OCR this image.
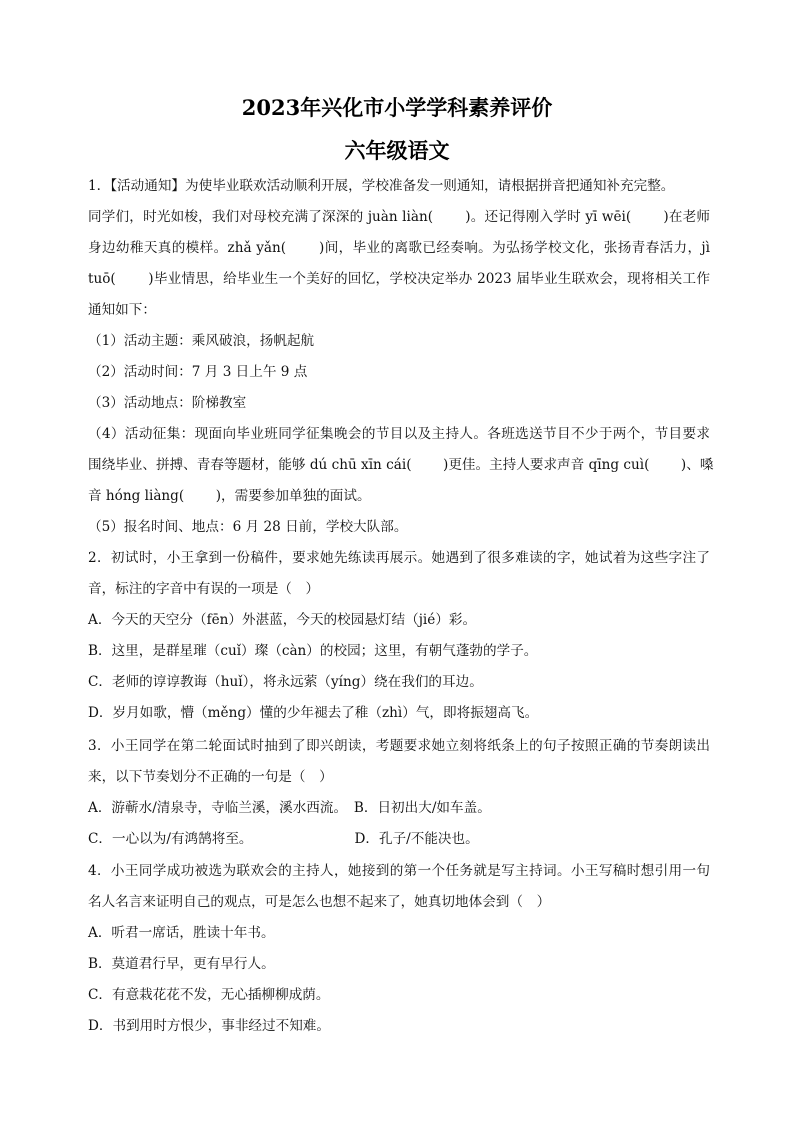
2023年兴化市小学学科素养评价
六年级语文
1．【活动通知】为使毕业联欢活动顺利开展，学校准备发一则通知，请根据拼音把通知补充完整。
同学们，时光如梭，我们对母校充满了深深的 juàn liàn(　　 )。还记得刚入学时 yī wēi(　　 )在老师
身边幼稚天真的模样。zhǎ yǎn(　　 )间，毕业的离歌已经奏响。为弘扬学校文化，张扬青春活力，jì
tuō(　　 )毕业情思，给毕业生一个美好的回忆，学校决定举办 2023 届毕业生联欢会，现将相关工作
通知如下：
（1）活动主题：乘风破浪，扬帆起航
（2）活动时间：7 月 3 日上午 9 点
（3）活动地点：阶梯教室
（4）活动征集：现面向毕业班同学征集晚会的节目以及主持人。各班选送节目不少于两个，节目要求
围绕毕业、拼搏、青春等题材，能够 dú chū xīn cái(　　 )更佳。主持人要求声音 qīng cuì(　　 )、嗓
音 hóng liàng(　　 )，需要参加单独的面试。
（5）报名时间、地点：6 月 28 日前，学校大队部。
2．初试时，小王拿到一份稿件，要求她先练读再展示。她遇到了很多难读的字，她试着为这些字注了
音，标注的字音中有误的一项是（　）
A．今天的天空分（fēn）外湛蓝，今天的校园悬灯结（jié）彩。
B．这里，是群星璀（cuǐ）璨（càn）的校园；这里，有朝气蓬勃的学子。
C．老师的谆谆教诲（huǐ），将永远萦（yíng）绕在我们的耳边。
D．岁月如歌，懵（měng）懂的少年褪去了稚（zhì）气，即将振翅高飞。
3．小王同学在第二轮面试时抽到了即兴朗读，考题要求她立刻将纸条上的句子按照正确的节奏朗读出
来，以下节奏划分不正确的一句是（　）
A．游蕲水/清泉寺，寺临兰溪，溪水西流。　B．日初出大/如车盖。
C．一心以为/有鸿鹄将至。　　　　　　　　D．孔子/不能决也。
4．小王同学成功被选为联欢会的主持人，她接到的第一个任务就是写主持词。小王写稿时想引用一句
名人名言来证明自己的观点，可是怎么也想不起来了，她真切地体会到（　）
A．听君一席话，胜读十年书。
B．莫道君行早，更有早行人。
C．有意栽花花不发，无心插柳柳成荫。
D．书到用时方恨少，事非经过不知难。
